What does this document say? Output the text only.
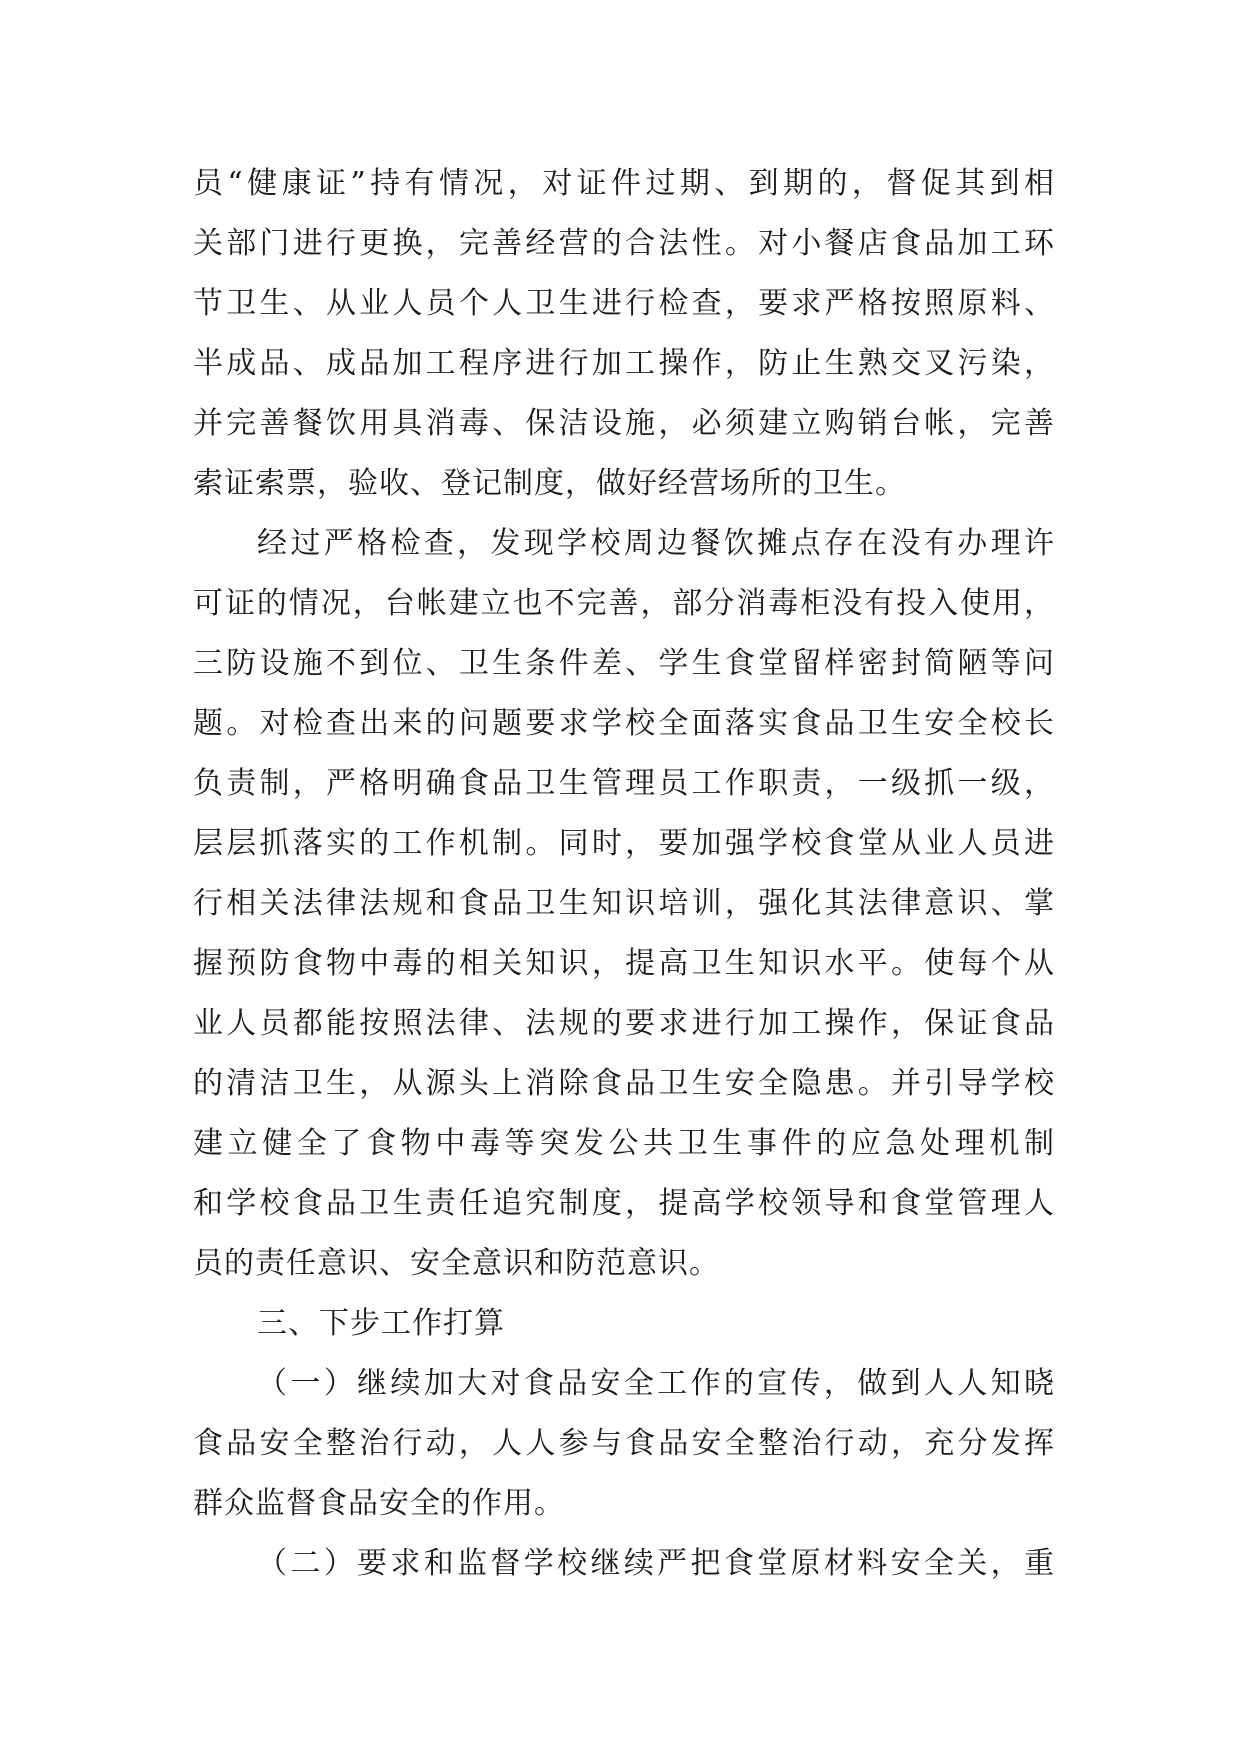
员“健康证”持有情况，对证件过期、到期的，督促其到相
关部门进行更换，完善经营的合法性。对小餐店食品加工环
节卫生、从业人员个人卫生进行检查，要求严格按照原料、
半成品、成品加工程序进行加工操作，防止生熟交叉污染，
并完善餐饮用具消毒、保洁设施，必须建立购销台帐，完善
索证索票，验收、登记制度，做好经营场所的卫生。
经过严格检查，发现学校周边餐饮摊点存在没有办理许
可证的情况，台帐建立也不完善，部分消毒柜没有投入使用，
三防设施不到位、卫生条件差、学生食堂留样密封简陋等问
题。对检查出来的问题要求学校全面落实食品卫生安全校长
负责制，严格明确食品卫生管理员工作职责，一级抓一级，
层层抓落实的工作机制。同时，要加强学校食堂从业人员进
行相关法律法规和食品卫生知识培训，强化其法律意识、掌
握预防食物中毒的相关知识，提高卫生知识水平。使每个从
业人员都能按照法律、法规的要求进行加工操作，保证食品
的清洁卫生，从源头上消除食品卫生安全隐患。并引导学校
建立健全了食物中毒等突发公共卫生事件的应急处理机制
和学校食品卫生责任追究制度，提高学校领导和食堂管理人
员的责任意识、安全意识和防范意识。
三、下步工作打算
（一）继续加大对食品安全工作的宣传，做到人人知晓
食品安全整治行动，人人参与食品安全整治行动，充分发挥
群众监督食品安全的作用。
（二）要求和监督学校继续严把食堂原材料安全关，重
